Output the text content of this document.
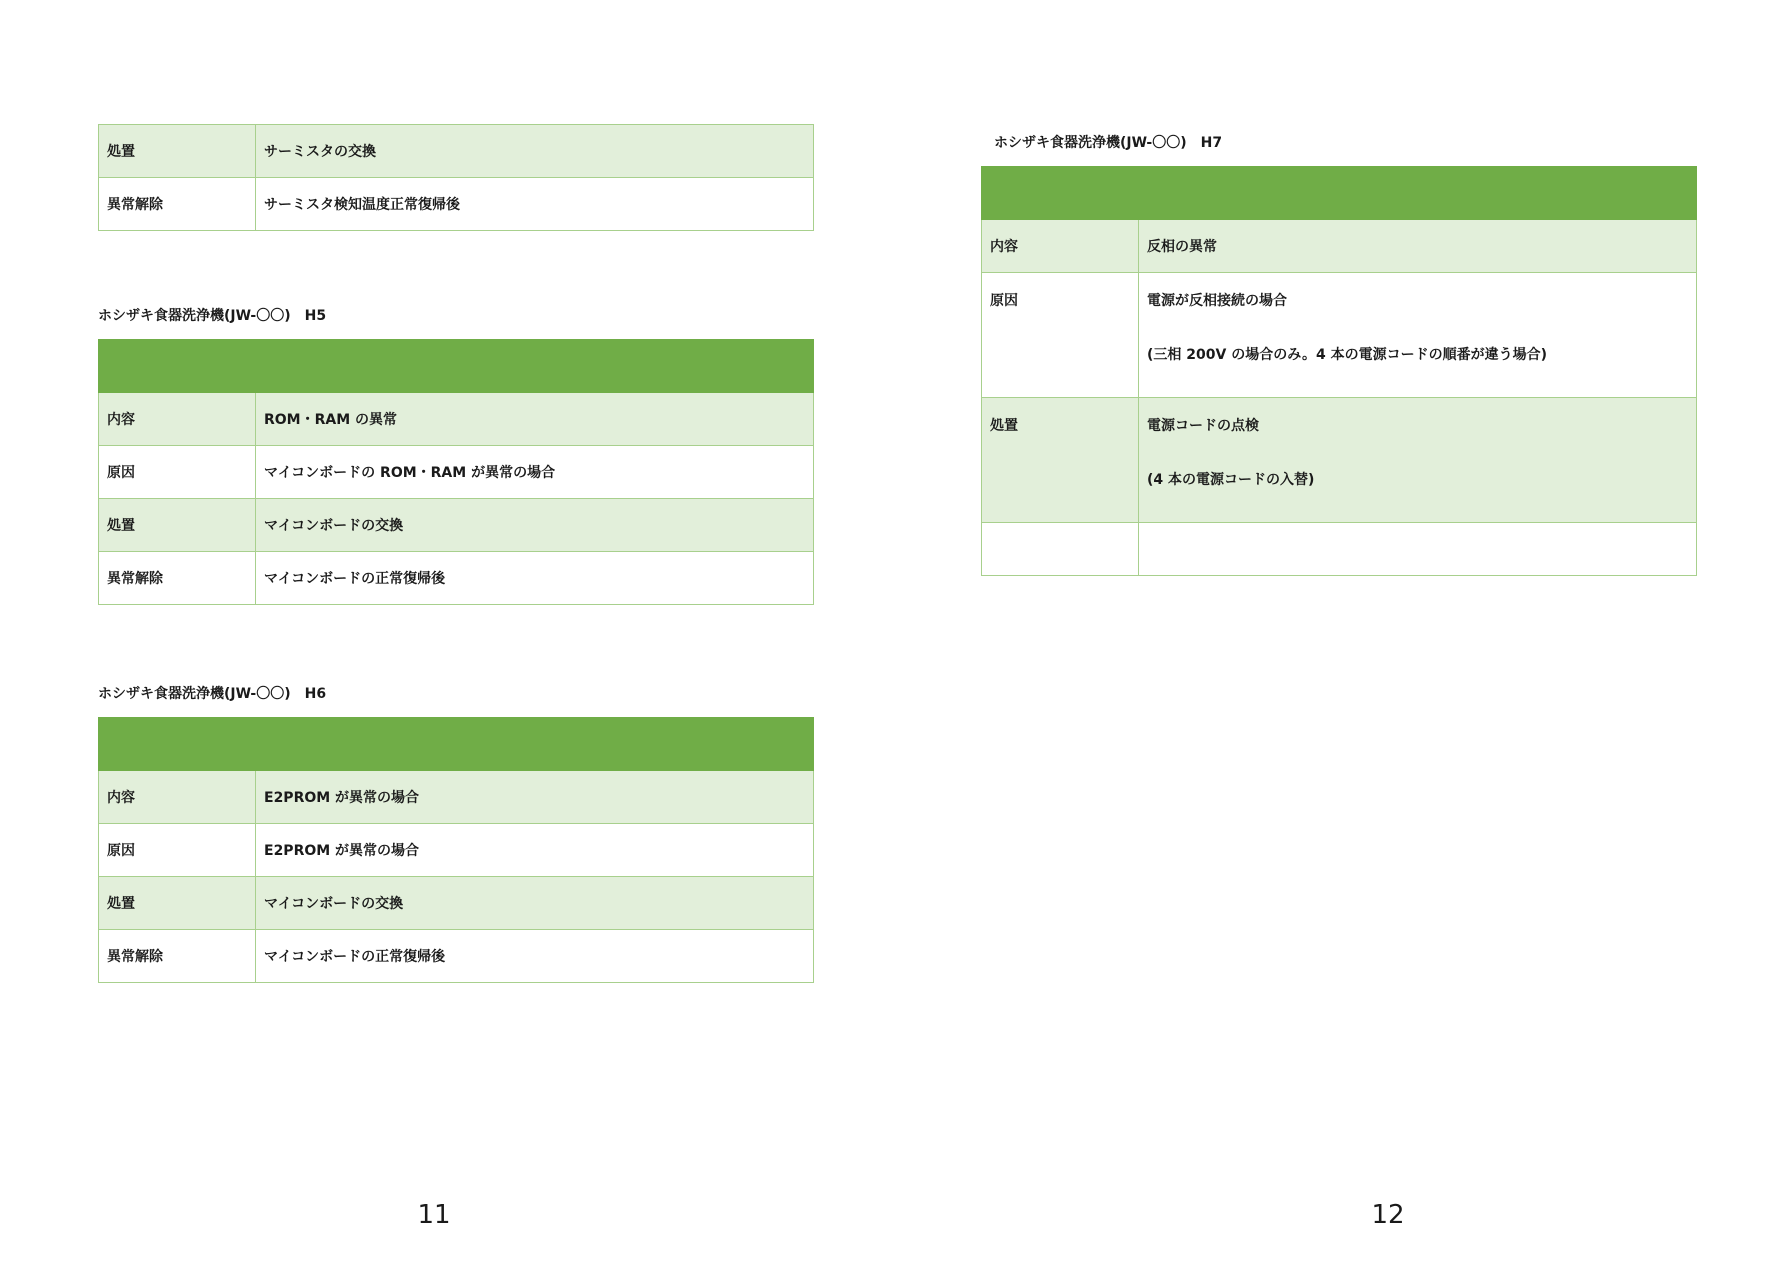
処置	サーミスタの交換
異常解除	サーミスタ検知温度正常復帰後
ホシザキ食器洗浄機(JW-〇〇)　H5

内容	ROM・RAM の異常
原因	マイコンボードの ROM・RAM が異常の場合
処置	マイコンボードの交換
異常解除	マイコンボードの正常復帰後
ホシザキ食器洗浄機(JW-〇〇)　H6

内容	E2PROM が異常の場合
原因	E2PROM が異常の場合
処置	マイコンボードの交換
異常解除	マイコンボードの正常復帰後
11
ホシザキ食器洗浄機(JW-〇〇)　H7

内容	反相の異常
原因	電源が反相接続の場合
(三相 200V の場合のみ。4 本の電源コードの順番が違う場合)

処置	電源コードの点検
(4 本の電源コードの入替)

12
